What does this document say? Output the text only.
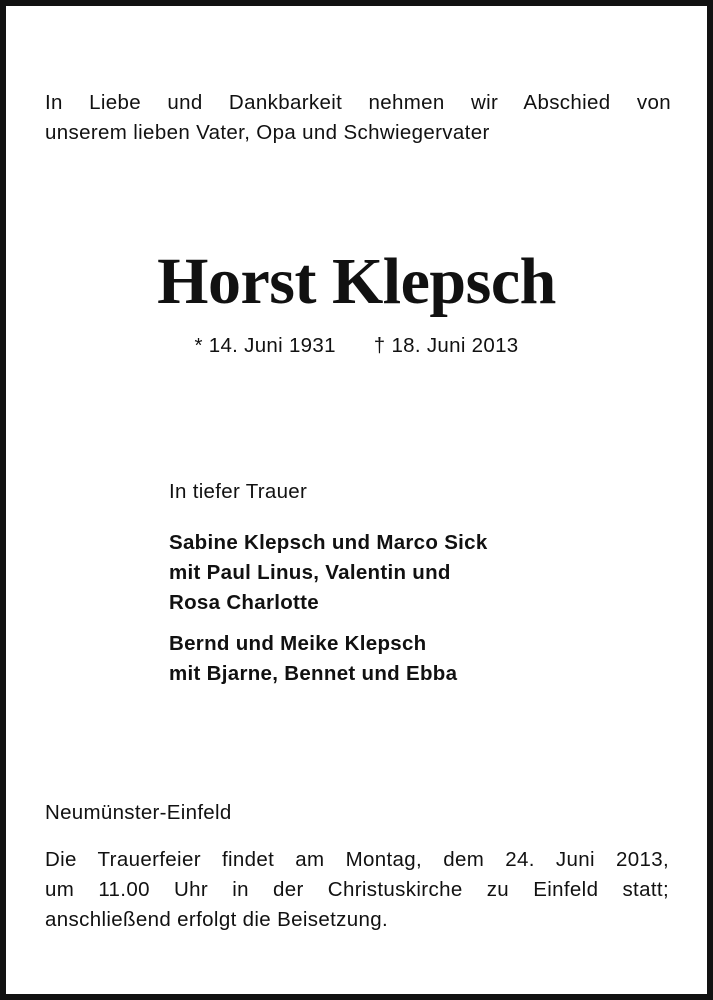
In Liebe und Dankbarkeit nehmen wir Abschied von
unserem lieben Vater, Opa und Schwiegervater
Horst Klepsch
* 14. Juni 1931 † 18. Juni 2013
In tiefer Trauer
Sabine Klepsch und Marco Sick
mit Paul Linus, Valentin und
Rosa Charlotte
Bernd und Meike Klepsch
mit Bjarne, Bennet und Ebba
Neumünster-Einfeld
Die Trauerfeier findet am Montag, dem 24. Juni 2013,
um 11.00 Uhr in der Christuskirche zu Einfeld statt;
anschließend erfolgt die Beisetzung.
